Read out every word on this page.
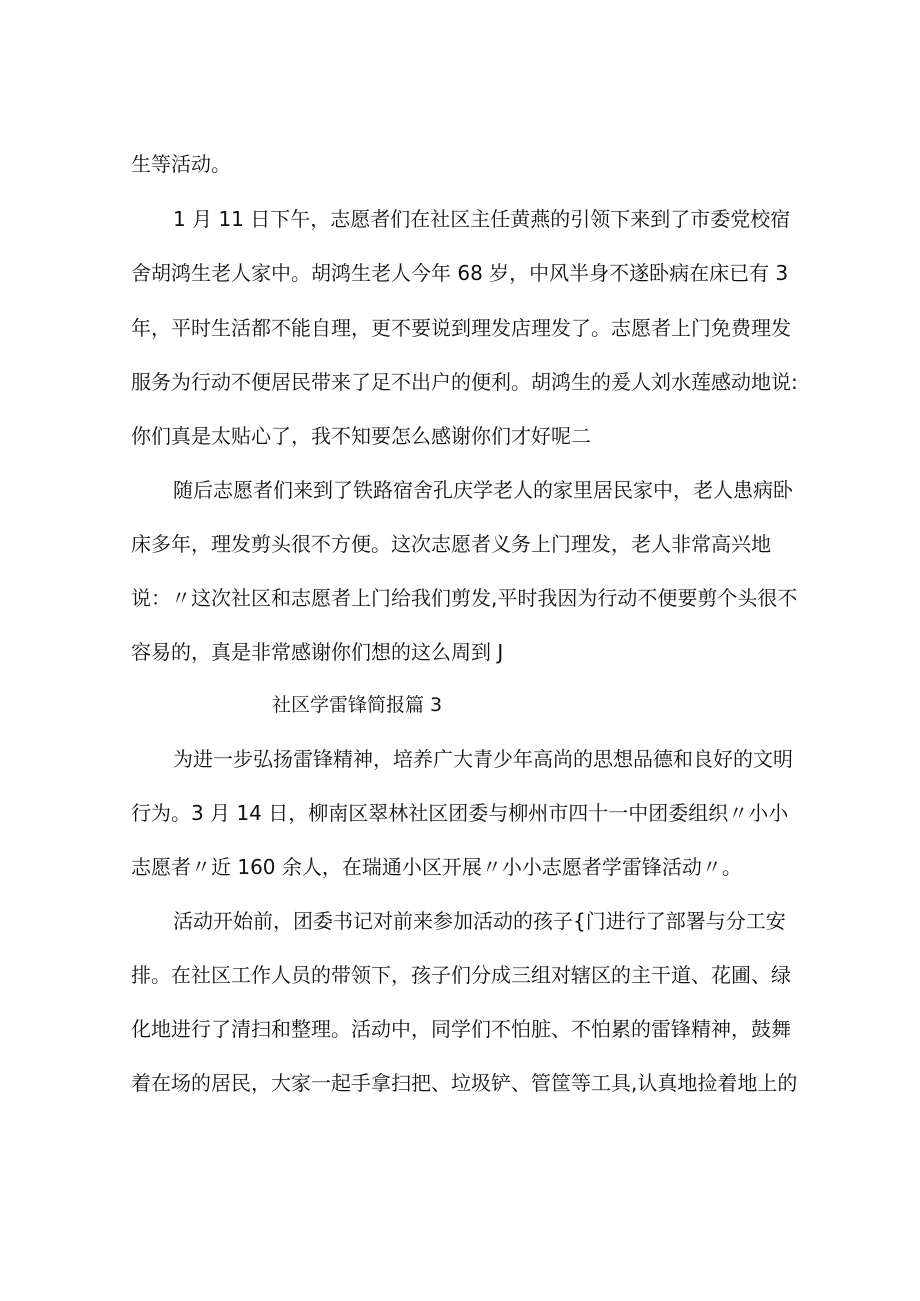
生等活动。
1 月 11 日下午，志愿者们在社区主任黄燕的引领下来到了市委党校宿
舍胡鸿生老人家中。胡鸿生老人今年 68 岁，中风半身不遂卧病在床已有 3
年，平时生活都不能自理，更不要说到理发店理发了。志愿者上门免费理发
服务为行动不便居民带来了足不出户的便利。胡鸿生的爰人刘水莲感动地说:
你们真是太贴心了，我不知要怎么感谢你们才好呢二
随后志愿者们来到了铁路宿舍孔庆学老人的家里居民家中，老人患病卧
床多年，理发剪头很不方便。这次志愿者义务上门理发，老人非常高兴地
说：〃这次社区和志愿者上门给我们剪发,平时我因为行动不便要剪个头很不
容易的，真是非常感谢你们想的这么周到 J
社区学雷锋简报篇 3
为进一步弘扬雷锋精神，培养广大青少年高尚的思想品德和良好的文明
行为。3 月 14 日，柳南区翠林社区团委与柳州市四十一中团委组织〃小小
志愿者〃近 160 余人，在瑞通小区开展〃小小志愿者学雷锋活动〃。
活动开始前，团委书记对前来参加活动的孩子{门进行了部署与分工安
排。在社区工作人员的带领下，孩子们分成三组对辖区的主干道、花圃、绿
化地进行了清扫和整理。活动中，同学们不怕脏、不怕累的雷锋精神，鼓舞
着在场的居民，大家一起手拿扫把、垃圾铲、管筐等工具,认真地捡着地上的
